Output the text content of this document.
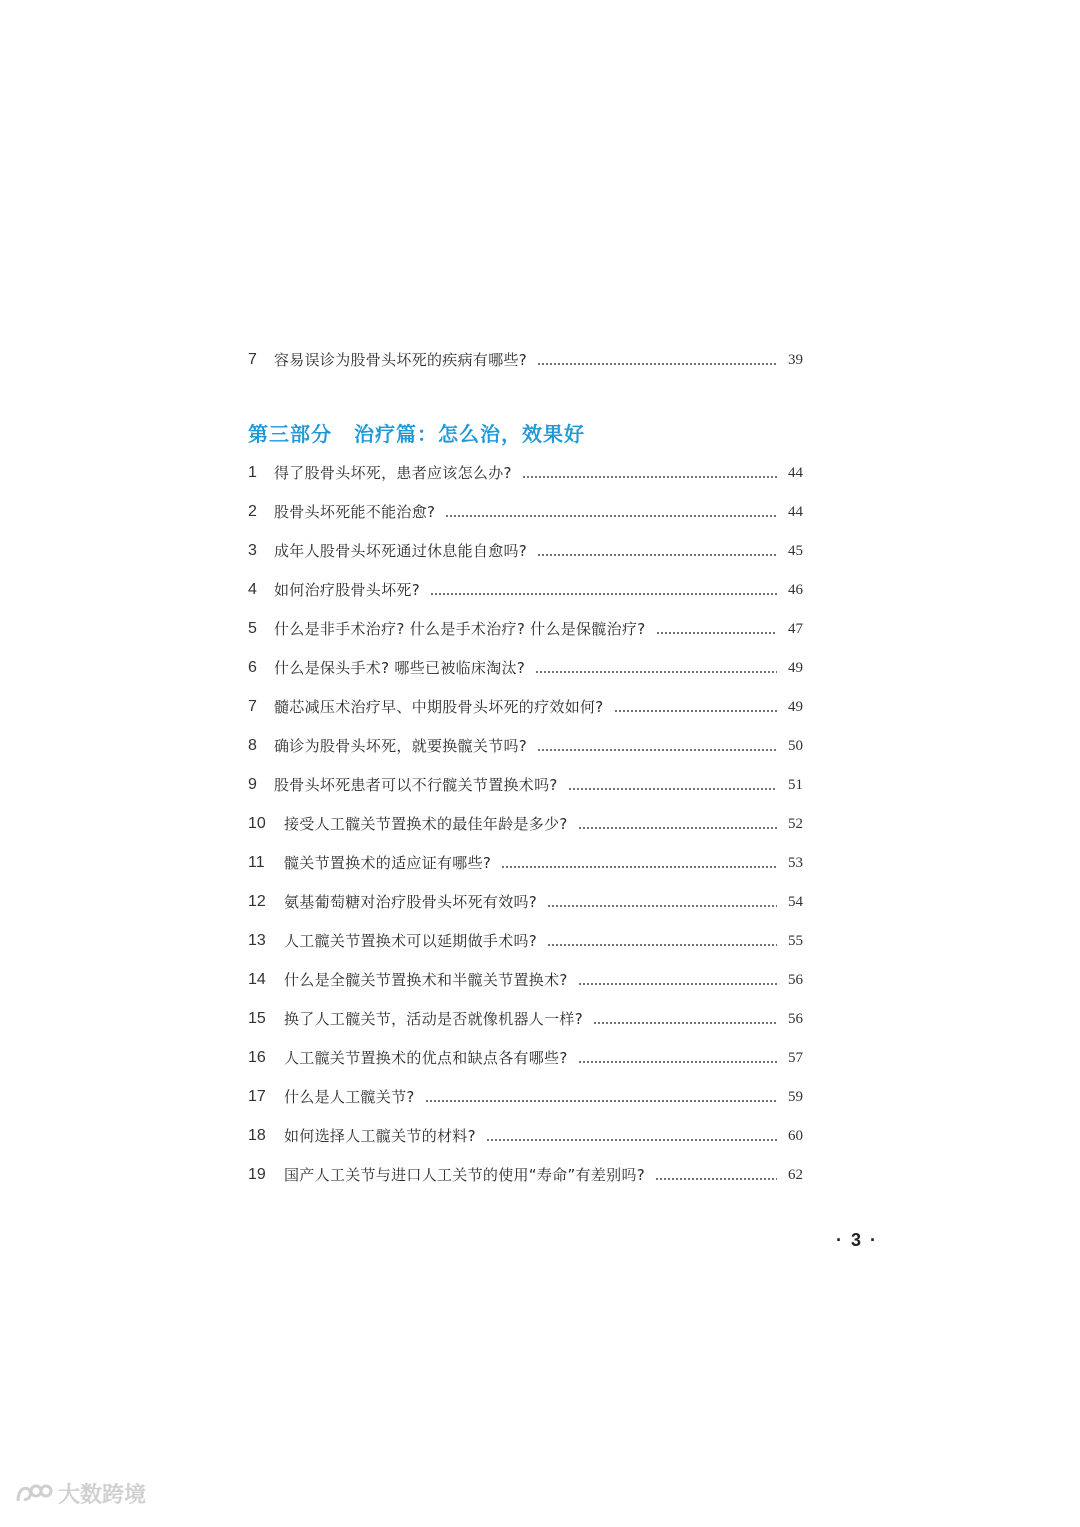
7	容易误诊为股骨头坏死的疾病有哪些?	39
第三部分 治疗篇：怎么治，效果好
1	得了股骨头坏死，患者应该怎么办?	44
2	股骨头坏死能不能治愈?	44
3	成年人股骨头坏死通过休息能自愈吗?	45
4	如何治疗股骨头坏死?	46
5	什么是非手术治疗? 什么是手术治疗? 什么是保髋治疗?	47
6	什么是保头手术? 哪些已被临床淘汰?	49
7	髓芯减压术治疗早、中期股骨头坏死的疗效如何?	49
8	确诊为股骨头坏死，就要换髋关节吗?	50
9	股骨头坏死患者可以不行髋关节置换术吗?	51
10	接受人工髋关节置换术的最佳年龄是多少?	52
11	髋关节置换术的适应证有哪些?	53
12	氨基葡萄糖对治疗股骨头坏死有效吗?	54
13	人工髋关节置换术可以延期做手术吗?	55
14	什么是全髋关节置换术和半髋关节置换术?	56
15	换了人工髋关节，活动是否就像机器人一样?	56
16	人工髋关节置换术的优点和缺点各有哪些?	57
17	什么是人工髋关节?	59
18	如何选择人工髋关节的材料?	60
19	国产人工关节与进口人工关节的使用“寿命”有差别吗?	62
· 3 ·
大数跨境
